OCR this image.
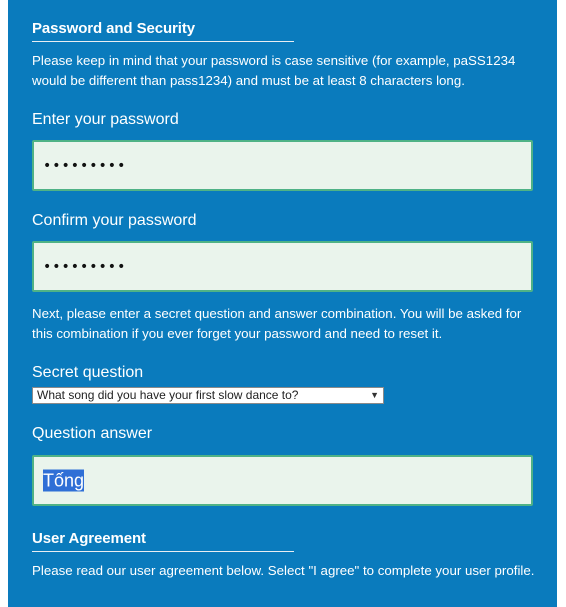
Password and Security
Please keep in mind that your password is case sensitive (for example, paSS1234 would be different than pass1234) and must be at least 8 characters long.
Enter your password
•••••••••
Confirm your password
•••••••••
Next, please enter a secret question and answer combination. You will be asked for this combination if you ever forget your password and need to reset it.
Secret question
What song did you have your first slow dance to?	▼
Question answer
Tống
User Agreement
Please read our user agreement below. Select "I agree" to complete your user profile.
